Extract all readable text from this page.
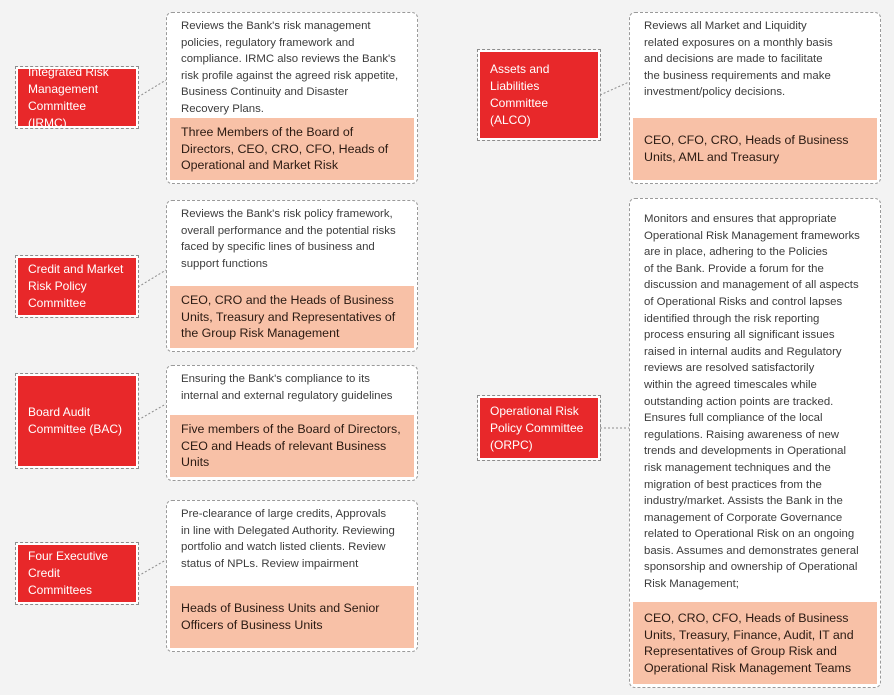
Integrated Risk
Management
Committee (IRMC)

Reviews the Bank's risk management
policies, regulatory framework and
compliance. IRMC also reviews the Bank's
risk profile against the agreed risk appetite,
Business Continuity and Disaster
Recovery Plans.

Three Members of the Board of
Directors, CEO, CRO, CFO, Heads of
Operational and Market Risk
Credit and Market
Risk Policy
Committee

Reviews the Bank's risk policy framework,
overall performance and the potential risks
faced by specific lines of business and
support functions

CEO, CRO and the Heads of Business
Units, Treasury and Representatives of
the Group Risk Management
Board Audit
Committee (BAC)

Ensuring the Bank's compliance to its
internal and external regulatory guidelines

Five members of the Board of Directors,
CEO and Heads of relevant Business
Units
Four Executive
Credit Committees

Pre-clearance of large credits, Approvals
in line with Delegated Authority. Reviewing
portfolio and watch listed clients. Review
status of NPLs. Review impairment

Heads of Business Units and Senior
Officers of Business Units
Assets and
Liabilities
Committee (ALCO)

Reviews all Market and Liquidity
related exposures on a monthly basis
and decisions are made to facilitate
the business requirements and make
investment/policy decisions.

CEO, CFO, CRO, Heads of Business
Units, AML and Treasury
Operational Risk
Policy Committee
(ORPC)

Monitors and ensures that appropriate
Operational Risk Management frameworks
are in place, adhering to the Policies
of the Bank. Provide a forum for the
discussion and management of all aspects
of Operational Risks and control lapses
identified through the risk reporting
process ensuring all significant issues
raised in internal audits and Regulatory
reviews are resolved satisfactorily
within the agreed timescales while
outstanding action points are tracked.
Ensures full compliance of the local
regulations. Raising awareness of new
trends and developments in Operational
risk management techniques and the
migration of best practices from the
industry/market. Assists the Bank in the
management of Corporate Governance
related to Operational Risk on an ongoing
basis. Assumes and demonstrates general
sponsorship and ownership of Operational
Risk Management;

CEO, CRO, CFO, Heads of Business
Units, Treasury, Finance, Audit, IT and
Representatives of Group Risk and
Operational Risk Management Teams
